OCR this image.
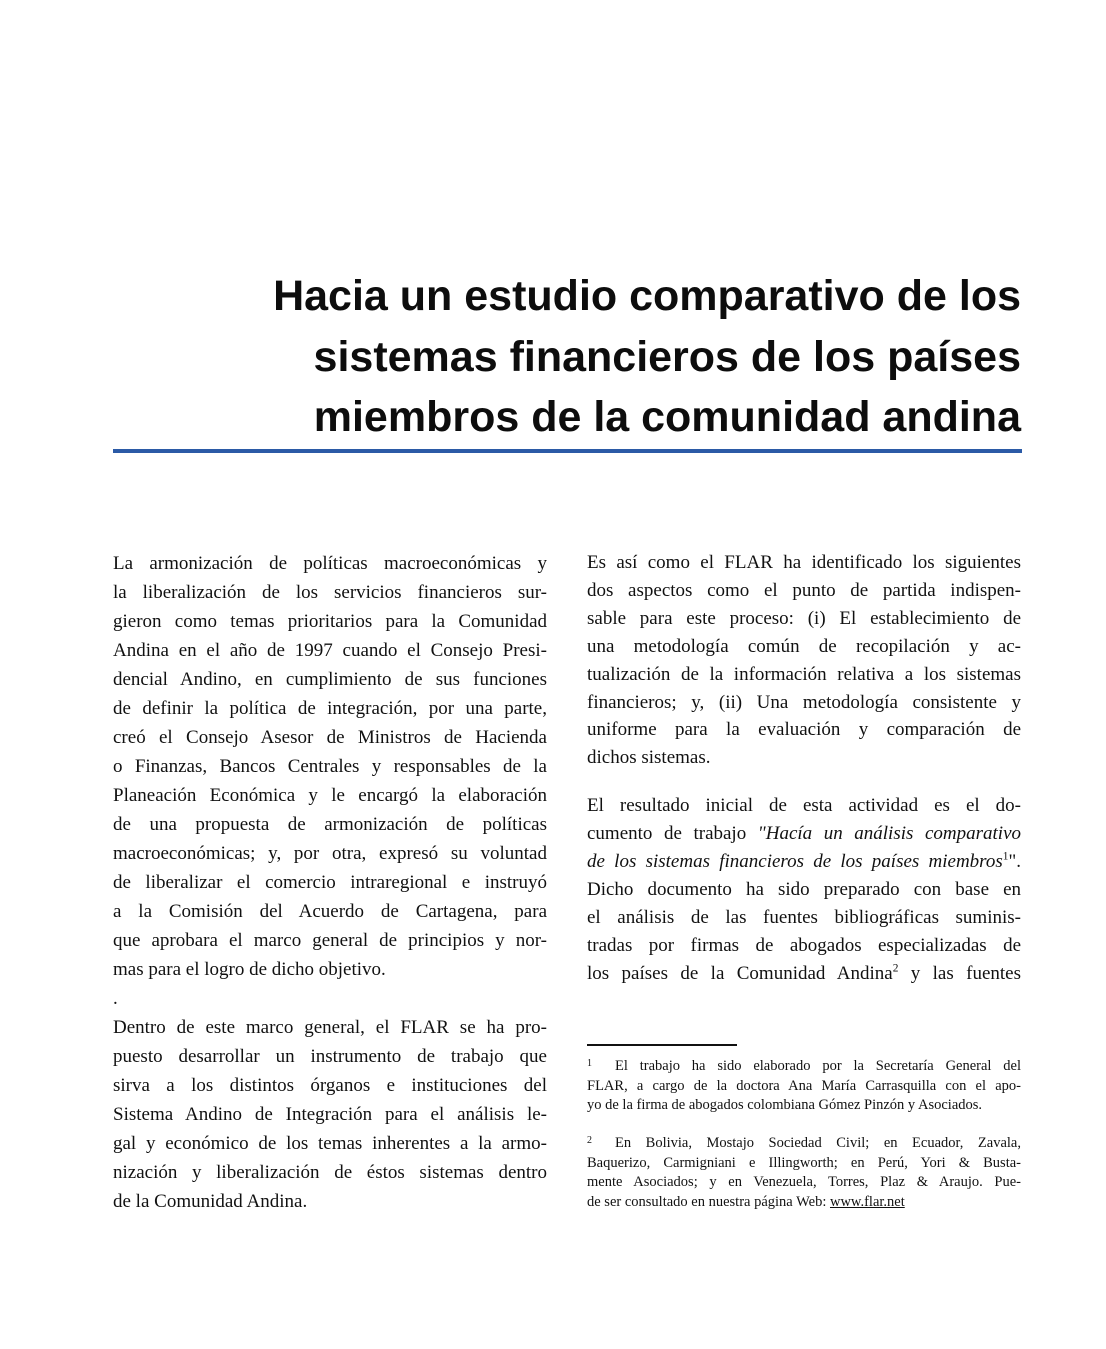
Hacia un estudio comparativo de los
sistemas financieros de los países
miembros de la comunidad andina
La armonización de políticas macroeconómicas y
la liberalización de los servicios financieros sur-
gieron como temas prioritarios para la Comunidad
Andina en el año de 1997 cuando el Consejo Presi-
dencial Andino, en cumplimiento de sus funciones
de definir la política de integración, por una parte,
creó el Consejo Asesor de Ministros de Hacienda
o Finanzas, Bancos Centrales y responsables de la
Planeación Económica y le encargó la elaboración
de una propuesta de armonización de políticas
macroeconómicas; y, por otra, expresó su voluntad
de liberalizar el comercio intraregional e instruyó
a la Comisión del Acuerdo de Cartagena, para
que aprobara el marco general de principios y nor-
mas para el logro de dicho objetivo.
.
Dentro de este marco general, el FLAR se ha pro-
puesto desarrollar un instrumento de trabajo que
sirva a los distintos órganos e instituciones del
Sistema Andino de Integración para el análisis le-
gal y económico de los temas inherentes a la armo-
nización y liberalización de éstos sistemas dentro
de la Comunidad Andina.
Es así como el FLAR ha identificado los siguientes
dos aspectos como el punto de partida indispen-
sable para este proceso: (i) El establecimiento de
una metodología común de recopilación y ac-
tualización de la información relativa a los sistemas
financieros; y, (ii) Una metodología consistente y
uniforme para la evaluación y comparación de
dichos sistemas.
El resultado inicial de esta actividad es el do-
cumento de trabajo "Hacía un análisis comparativo
de los sistemas financieros de los países miembros$^1$".
Dicho documento ha sido preparado con base en
el análisis de las fuentes bibliográficas suminis-
tradas por firmas de abogados especializadas de
los países de la Comunidad Andina$^2$ y las fuentes
1 El trabajo ha sido elaborado por la Secretaría General del
FLAR, a cargo de la doctora Ana María Carrasquilla con el apo-
yo de la firma de abogados colombiana Gómez Pinzón y Asociados.
2 En Bolivia, Mostajo Sociedad Civil; en Ecuador, Zavala,
Baquerizo, Carmigniani e Illingworth; en Perú, Yori & Busta-
mente Asociados; y en Venezuela, Torres, Plaz & Araujo. Pue-
de ser consultado en nuestra página Web: www.flar.net
